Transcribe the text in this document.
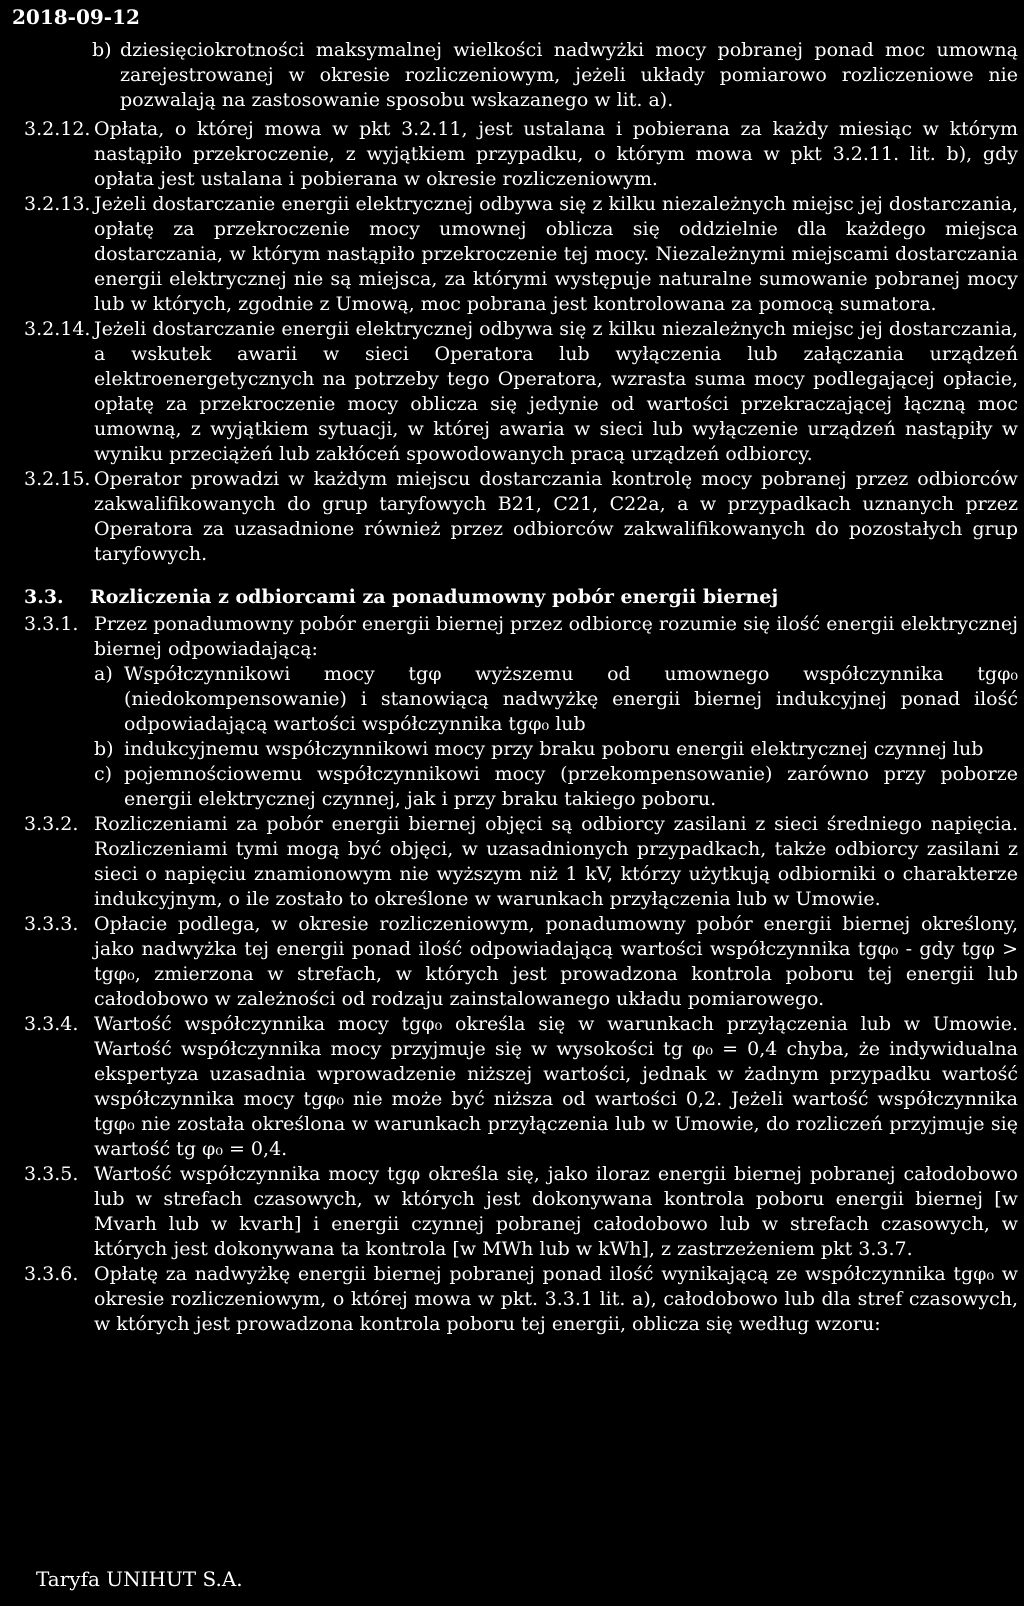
2018-09-12
b) dziesięciokrotności maksymalnej wielkości nadwyżki mocy pobranej ponad moc umowną zarejestrowanej w okresie rozliczeniowym, jeżeli układy pomiarowo rozliczeniowe nie pozwalają na zastosowanie sposobu wskazanego w lit. a).
3.2.12. Opłata, o której mowa w pkt 3.2.11, jest ustalana i pobierana za każdy miesiąc w którym nastąpiło przekroczenie, z wyjątkiem przypadku, o którym mowa w pkt 3.2.11. lit. b), gdy opłata jest ustalana i pobierana w okresie rozliczeniowym.
3.2.13. Jeżeli dostarczanie energii elektrycznej odbywa się z kilku niezależnych miejsc jej dostarczania, opłatę za przekroczenie mocy umownej oblicza się oddzielnie dla każdego miejsca dostarczania, w którym nastąpiło przekroczenie tej mocy. Niezależnymi miejscami dostarczania energii elektrycznej nie są miejsca, za którymi występuje naturalne sumowanie pobranej mocy lub w których, zgodnie z Umową, moc pobrana jest kontrolowana za pomocą sumatora.
3.2.14. Jeżeli dostarczanie energii elektrycznej odbywa się z kilku niezależnych miejsc jej dostarczania, a wskutek awarii w sieci Operatora lub wyłączenia lub załączania urządzeń elektroenergetycznych na potrzeby tego Operatora, wzrasta suma mocy podlegającej opłacie, opłatę za przekroczenie mocy oblicza się jedynie od wartości przekraczającej łączną moc umowną, z wyjątkiem sytuacji, w której awaria w sieci lub wyłączenie urządzeń nastąpiły w wyniku przeciążeń lub zakłóceń spowodowanych pracą urządzeń odbiorcy.
3.2.15. Operator prowadzi w każdym miejscu dostarczania kontrolę mocy pobranej przez odbiorców zakwalifikowanych do grup taryfowych B21, C21, C22a, a w przypadkach uznanych przez Operatora za uzasadnione również przez odbiorców zakwalifikowanych do pozostałych grup taryfowych.
3.3.	Rozliczenia z odbiorcami za ponadumowny pobór energii biernej
3.3.1. Przez ponadumowny pobór energii biernej przez odbiorcę rozumie się ilość energii elektrycznej biernej odpowiadającą:
a) Współczynnikowi mocy tgφ wyższemu od umownego współczynnika tgφ₀ (niedokompensowanie) i stanowiącą nadwyżkę energii biernej indukcyjnej ponad ilość odpowiadającą wartości współczynnika tgφ₀ lub
b) indukcyjnemu współczynnikowi mocy przy braku poboru energii elektrycznej czynnej lub
c) pojemnościowemu współczynnikowi mocy (przekompensowanie) zarówno przy poborze energii elektrycznej czynnej, jak i przy braku takiego poboru.
3.3.2. Rozliczeniami za pobór energii biernej objęci są odbiorcy zasilani z sieci średniego napięcia. Rozliczeniami tymi mogą być objęci, w uzasadnionych przypadkach, także odbiorcy zasilani z sieci o napięciu znamionowym nie wyższym niż 1 kV, którzy użytkują odbiorniki o charakterze indukcyjnym, o ile zostało to określone w warunkach przyłączenia lub w Umowie.
3.3.3. Opłacie podlega, w okresie rozliczeniowym, ponadumowny pobór energii biernej określony, jako nadwyżka tej energii ponad ilość odpowiadającą wartości współczynnika tgφ₀ - gdy tgφ > tgφ₀, zmierzona w strefach, w których jest prowadzona kontrola poboru tej energii lub całodobowo w zależności od rodzaju zainstalowanego układu pomiarowego.
3.3.4. Wartość współczynnika mocy tgφ₀ określa się w warunkach przyłączenia lub w Umowie. Wartość współczynnika mocy przyjmuje się w wysokości tg φ₀ = 0,4 chyba, że indywidualna ekspertyza uzasadnia wprowadzenie niższej wartości, jednak w żadnym przypadku wartość współczynnika mocy tgφ₀ nie może być niższa od wartości 0,2. Jeżeli wartość współczynnika tgφ₀ nie została określona w warunkach przyłączenia lub w Umowie, do rozliczeń przyjmuje się wartość tg φ₀ = 0,4.
3.3.5. Wartość współczynnika mocy tgφ określa się, jako iloraz energii biernej pobranej całodobowo lub w strefach czasowych, w których jest dokonywana kontrola poboru energii biernej [w Mvarh lub w kvarh] i energii czynnej pobranej całodobowo lub w strefach czasowych, w których jest dokonywana ta kontrola [w MWh lub w kWh], z zastrzeżeniem pkt 3.3.7.
3.3.6. Opłatę za nadwyżkę energii biernej pobranej ponad ilość wynikającą ze współczynnika tgφ₀ w okresie rozliczeniowym, o której mowa w pkt. 3.3.1 lit. a), całodobowo lub dla stref czasowych, w których jest prowadzona kontrola poboru tej energii, oblicza się według wzoru:
Taryfa UNIHUT S.A.
